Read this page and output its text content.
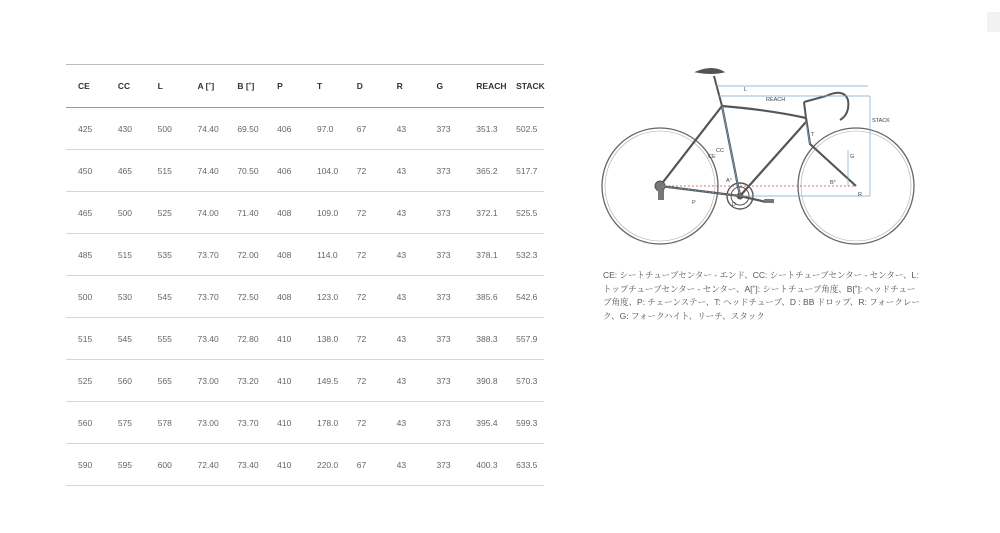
CE	CC	L	A [˚]	B [˚]	P	T	D	R	G	REACH	STACK
425	430	500	74.40	69.50	406	97.0	67	43	373	351.3	502.5
450	465	515	74.40	70.50	406	104.0	72	43	373	365.2	517.7
465	500	525	74.00	71.40	408	109.0	72	43	373	372.1	525.5
485	515	535	73.70	72.00	408	114.0	72	43	373	378.1	532.3
500	530	545	73.70	72.50	408	123.0	72	43	373	385.6	542.6
515	545	555	73.40	72.80	410	138.0	72	43	373	388.3	557.9
525	560	565	73.00	73.20	410	149.5	72	43	373	390.8	570.3
560	575	578	73.00	73.70	410	178.0	72	43	373	395.4	599.3
590	595	600	72.40	73.40	410	220.0	67	43	373	400.3	633.5
L
REACH
STACK
CE
CC
T
G
A°	B°
P	D
R
CE: シートチューブセンター - エンド、CC: シートチューブセンター - センター、L: トップチューブセンター - センター、A[˚]: シートチューブ角度、B[˚]: ヘッドチューブ角度、P: チェーンステー、T: ヘッドチューブ、D : BB ドロップ、R: フォークレーク、G: フォークハイト、リーチ、スタック
